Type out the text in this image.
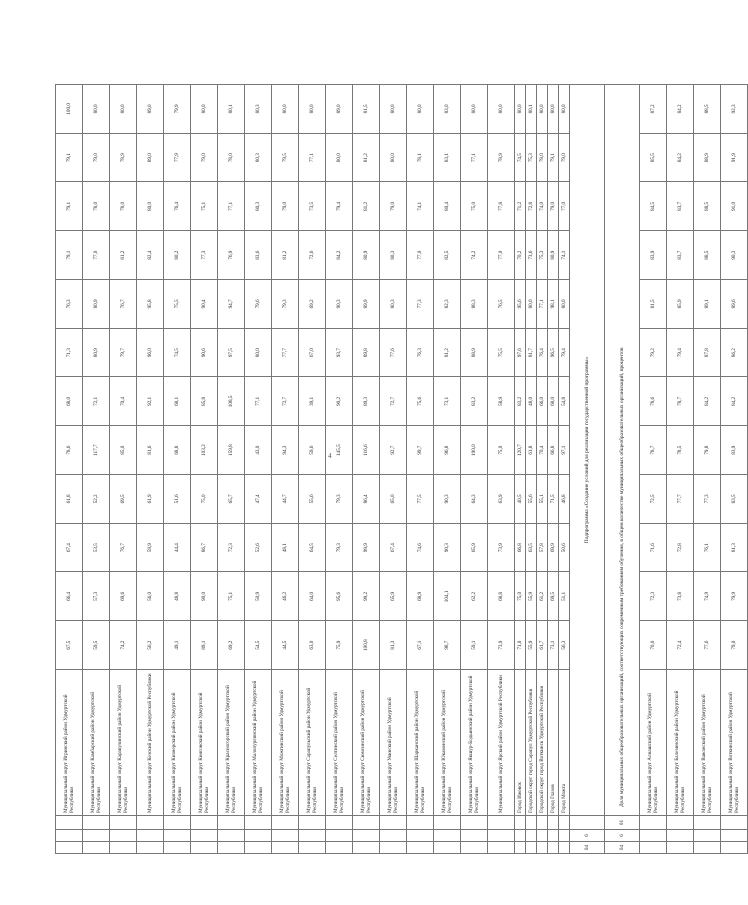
4
			Муниципальный округ Игринский район Удмуртской Республики	67,5	66,4	67,4	61,8	78,6	68,0	71,3	76,3	79,1	79,1	79,1	100,0
			Муниципальный округ Камбарский район Удмуртской Республики	59,5	57,3	53,5	52,2	117,7	72,1	80,9	80,9	77,0	78,0	79,0	80,0
			Муниципальный округ Каракулинский район Удмуртской Республики	74,2	69,6	76,7	69,5	85,0	70,4	79,7	76,7	81,2	78,0	78,9	80,0
			Муниципальный округ Кезский район Удмуртской Республики	56,2	56,0	59,9	61,9	81,6	92,1	96,0	95,8	82,4	80,0	89,0	89,0
			Муниципальный округ Кизнерский район Удмуртской Республики	49,1	48,8	44,4	51,6	68,8	68,1	74,5	75,5	80,2	76,4	77,9	79,9
			Муниципальный округ Киясовский район Удмуртской Республики	89,1	90,0	86,7	75,0	103,2	85,8	90,6	90,4	77,3	75,1	79,0	80,0
			Муниципальный округ Красногорский район Удмуртской Республики	69,2	75,1	72,3	65,7	159,8	108,5	97,5	94,7	76,9	77,1	78,0	80,1
			Муниципальный округ Малопургинский район Удмуртской Республики	54,5	50,9	52,6	47,4	43,0	77,1	80,0	79,6	83,6	80,3	80,3	80,3
			Муниципальный округ Можгинский район Удмуртской Республики	44,5	46,2	48,1	44,7	94,3	72,7	77,7	79,3	81,2	79,0	79,5	80,0
			Муниципальный округ Сарапульский район Удмуртской Республики	63,0	64,0	64,5	55,6	59,6	39,1	67,0	69,2	72,6	73,5	77,1	80,0
			Муниципальный округ Селтинский район Удмуртской Республики	75,9	95,6	79,3	79,3	145,5	90,2	93,7	90,3	84,2	79,4	80,0	89,0
			Муниципальный округ Сюмсинский район Удмуртской Республики	100,8	99,2	99,9	86,4	116,6	89,3	89,8	89,9	80,9	81,2	81,2	81,5
			Муниципальный округ Увинский район Удмуртской Республики	81,3	65,9	67,4	65,0	92,7	72,7	77,6	80,3	80,3	79,0	80,0	80,0
			Муниципальный округ Шарканский район Удмуртской Республики	67,1	68,9	74,6	77,5	99,7	75,6	76,3	77,3	77,0	74,1	78,1	80,0
			Муниципальный округ Юкаменский район Удмуртской Республики	98,7	104,1	90,3	90,3	96,8	73,1	81,2	82,3	82,5	80,4	83,1	83,0
			Муниципальный округ Якшур-Бодьинский район Удмуртской Республики	59,1	62,2	65,9	64,3	190,0	83,2	88,9	88,3	74,2	75,0	77,1	80,0
			Муниципальный округ Ярский район Удмуртской Республики	73,9	68,8	73,9	63,9	75,0	58,9	75,5	76,5	77,0	77,8	78,9	80,0
			Город Ижевск	71,0	75,0	66,8	40,5	120,7	83,2	97,6	95,6	70,2	71,2	74,5	80,0
			Городской округ город Сарапул Удмуртской Республики	55,9	55,9	63,5	55,6	61,8	48,0	81,7	80,0	73,6	72,8	75,3	80,1
			Городской округ город Воткинск Удмуртской Республики	61,7	61,2	57,8	55,1	70,4	66,0	76,4	77,1	75,3	74,0	78,0	80,0
			Город Глазов	73,1	69,5	69,9	71,5	66,8	68,0	96,5	98,1	80,9	79,0	79,1	80,0
			Город Можга	56,3	51,1	50,6	46,8	97,1	54,8	79,4	80,0	74,1	77,0	79,0	80,0
04	6		Подпрограмма «Создание условий для реализации государственной программы»												
04	6	01	Доля муниципальных общеобразовательных организаций, соответствующих современным требованиям обучения, в общем количестве муниципальных общеобразовательных организаций, процентов												
			Муниципальный округ Алнашский район Удмуртской Республики	70,0	72,3	71,6	72,5	78,7	78,6	79,2	81,5	83,9	84,5	85,5	87,2
			Муниципальный округ Балезинский район Удмуртской Республики	72,4	73,8	72,8	77,7	78,5	78,7	79,4	85,9	83,7	83,7	84,2	84,2
			Муниципальный округ Вавожский район Удмуртской Республики	77,6	74,9	76,1	77,3	79,8	84,2	87,8	89,1	88,5	88,5	88,9	88,5
			Муниципальный округ Воткинский район Удмуртской Республики	79,0	79,9	81,3	83,5	83,9	84,2	86,2	89,6	90,3	91,0	91,9	92,3
